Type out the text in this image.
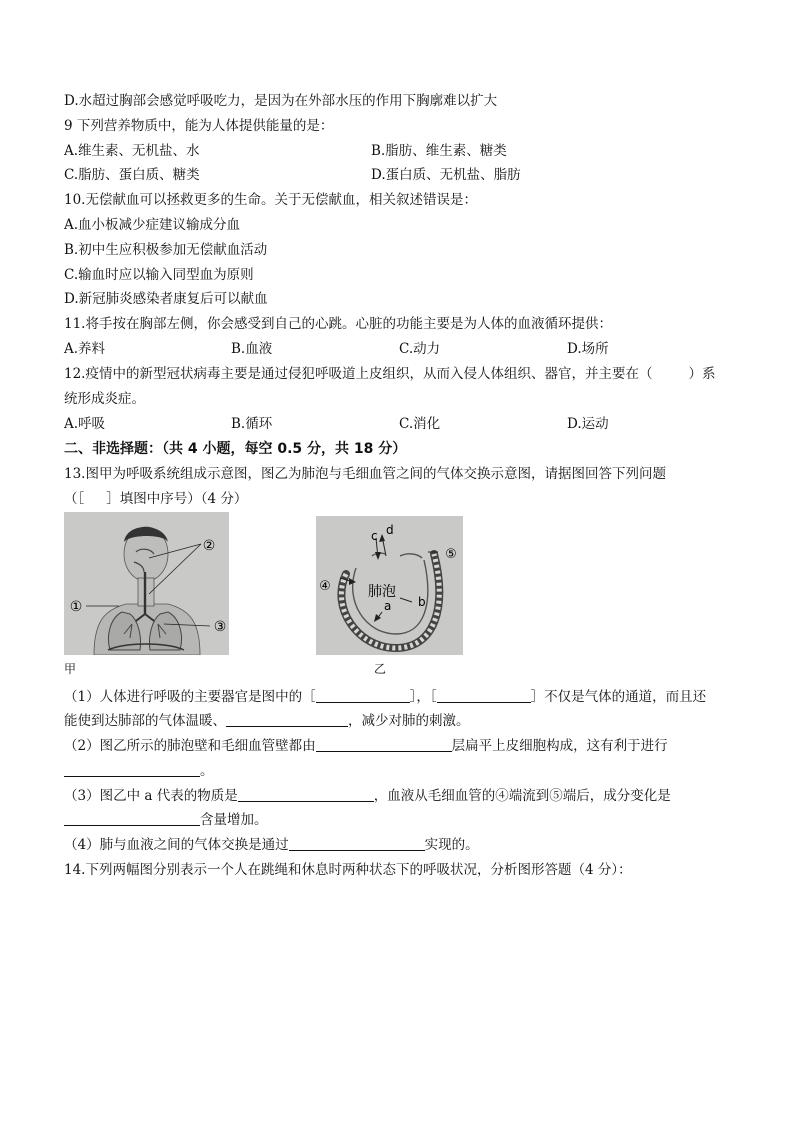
D.水超过胸部会感觉呼吸吃力，是因为在外部水压的作用下胸廓难以扩大
9 下列营养物质中，能为人体提供能量的是：
A.维生素、无机盐、水	B.脂肪、维生素、糖类
C.脂肪、蛋白质、糖类	D.蛋白质、无机盐、脂肪
10.无偿献血可以拯救更多的生命。关于无偿献血，相关叙述错误是：
A.血小板减少症建议输成分血
B.初中生应积极参加无偿献血活动
C.输血时应以输入同型血为原则
D.新冠肺炎感染者康复后可以献血
11.将手按在胸部左侧，你会感受到自己的心跳。心脏的功能主要是为人体的血液循环提供：
A.养料	B.血液	C.动力	D.场所
12.疫情中的新型冠状病毒主要是通过侵犯呼吸道上皮组织，从而入侵人体组织、器官，并主要在（	）系
统形成炎症。
A.呼吸	B.循环	C.消化	D.运动
二、非选择题：（共 4 小题，每空 0.5 分，共 18 分）
13.图甲为呼吸系统组成示意图，图乙为肺泡与毛细血管之间的气体交换示意图，请据图回答下列问题
（［ ］填图中序号）（4 分）
②
①
③
甲
c d
⑤
④	肺泡
a b
乙
（1）人体进行呼吸的主要器官是图中的［	］，［	］不仅是气体的通道，而且还
能使到达肺部的气体温暖、	，减少对肺的刺激。
（2）图乙所示的肺泡壁和毛细血管壁都由	层扁平上皮细胞构成，这有利于进行
。
（3）图乙中 a 代表的物质是	，血液从毛细血管的④端流到⑤端后，成分变化是
含量增加。
（4）肺与血液之间的气体交换是通过	实现的。
14.下列两幅图分别表示一个人在跳绳和休息时两种状态下的呼吸状况，分析图形答题（4 分）：
